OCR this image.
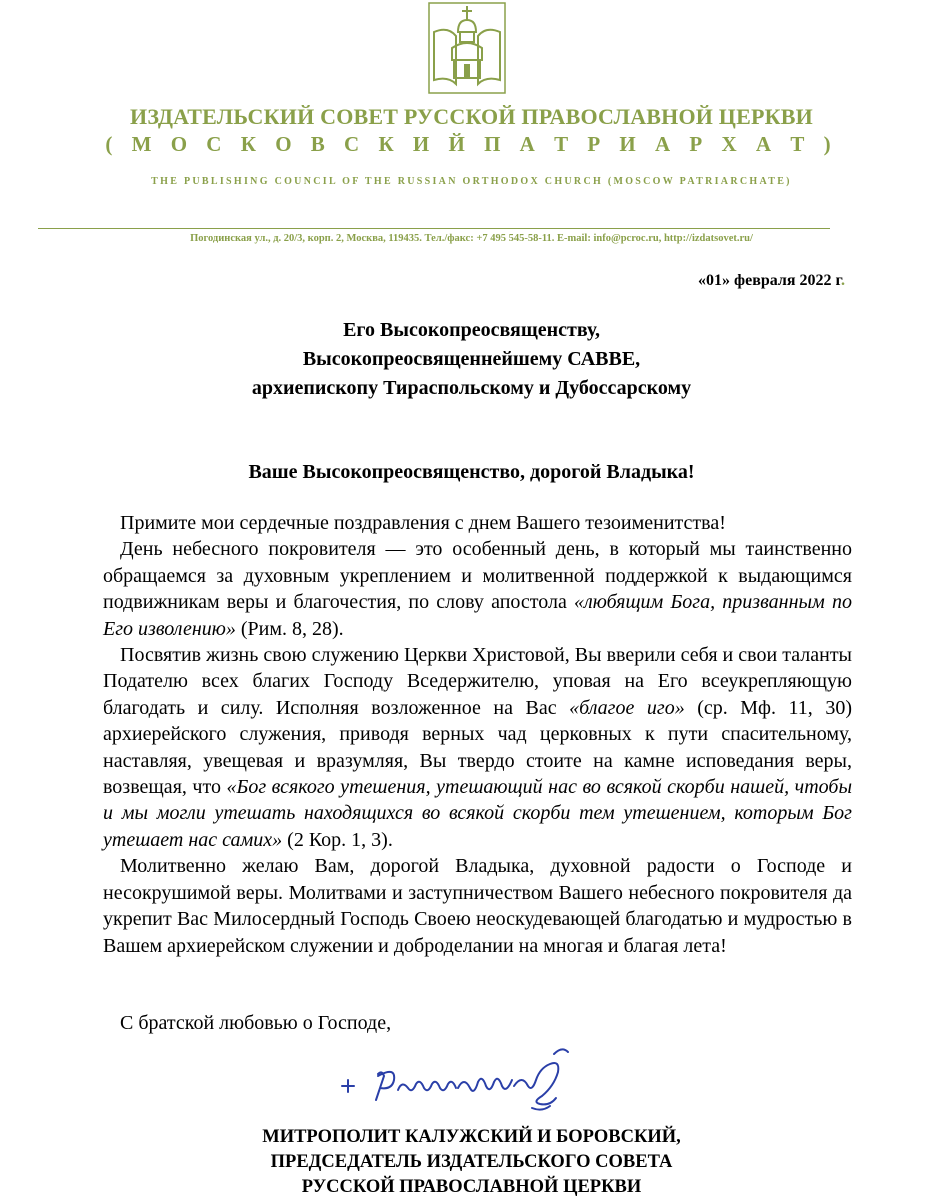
ИЗДАТЕЛЬСКИЙ СОВЕТ РУССКОЙ ПРАВОСЛАВНОЙ ЦЕРКВИ
( М О С К О В С К И Й П А Т Р И А Р Х А Т )
THE PUBLISHING COUNCIL OF THE RUSSIAN ORTHODOX CHURCH (MOSCOW PATRIARCHATE)
Погодинская ул., д. 20/3, корп. 2, Москва, 119435. Тел./факс: +7 495 545-58-11. E-mail: info@pcroc.ru, http://izdatsovet.ru/
«01» февраля 2022 г.
Его Высокопреосвященству,
Высокопреосвященнейшему САВВЕ,
архиепископу Тираспольскому и Дубоссарскому
Ваше Высокопреосвященство, дорогой Владыка!

Примите мои сердечные поздравления с днем Вашего тезоименитства!

День небесного покровителя — это особенный день, в который мы таинственно обращаемся за духовным укреплением и молитвенной поддержкой к выдающимся подвижникам веры и благочестия, по слову апостола «любящим Бога, призванным по Его изволению» (Рим. 8, 28).

Посвятив жизнь свою служению Церкви Христовой, Вы вверили себя и свои таланты Подателю всех благих Господу Вседержителю, уповая на Его всеукрепляющую благодать и силу. Исполняя возложенное на Вас «благое иго» (ср. Мф. 11, 30) архиерейского служения, приводя верных чад церковных к пути спасительному, наставляя, увещевая и вразумляя, Вы твердо стоите на камне исповедания веры, возвещая, что «Бог всякого утешения, утешающий нас во всякой скорби нашей, чтобы и мы могли утешать находящихся во всякой скорби тем утешением, которым Бог утешает нас самих» (2 Кор. 1, 3).

Молитвенно желаю Вам, дорогой Владыка, духовной радости о Господе и несокрушимой веры. Молитвами и заступничеством Вашего небесного покровителя да укрепит Вас Милосердный Господь Своею неоскудевающей благодатью и мудростью в Вашем архиерейском служении и доброделании на многая и благая лета!

С братской любовью о Господе,
МИТРОПОЛИТ КАЛУЖСКИЙ И БОРОВСКИЙ,
ПРЕДСЕДАТЕЛЬ ИЗДАТЕЛЬСКОГО СОВЕТА
РУССКОЙ ПРАВОСЛАВНОЙ ЦЕРКВИ
